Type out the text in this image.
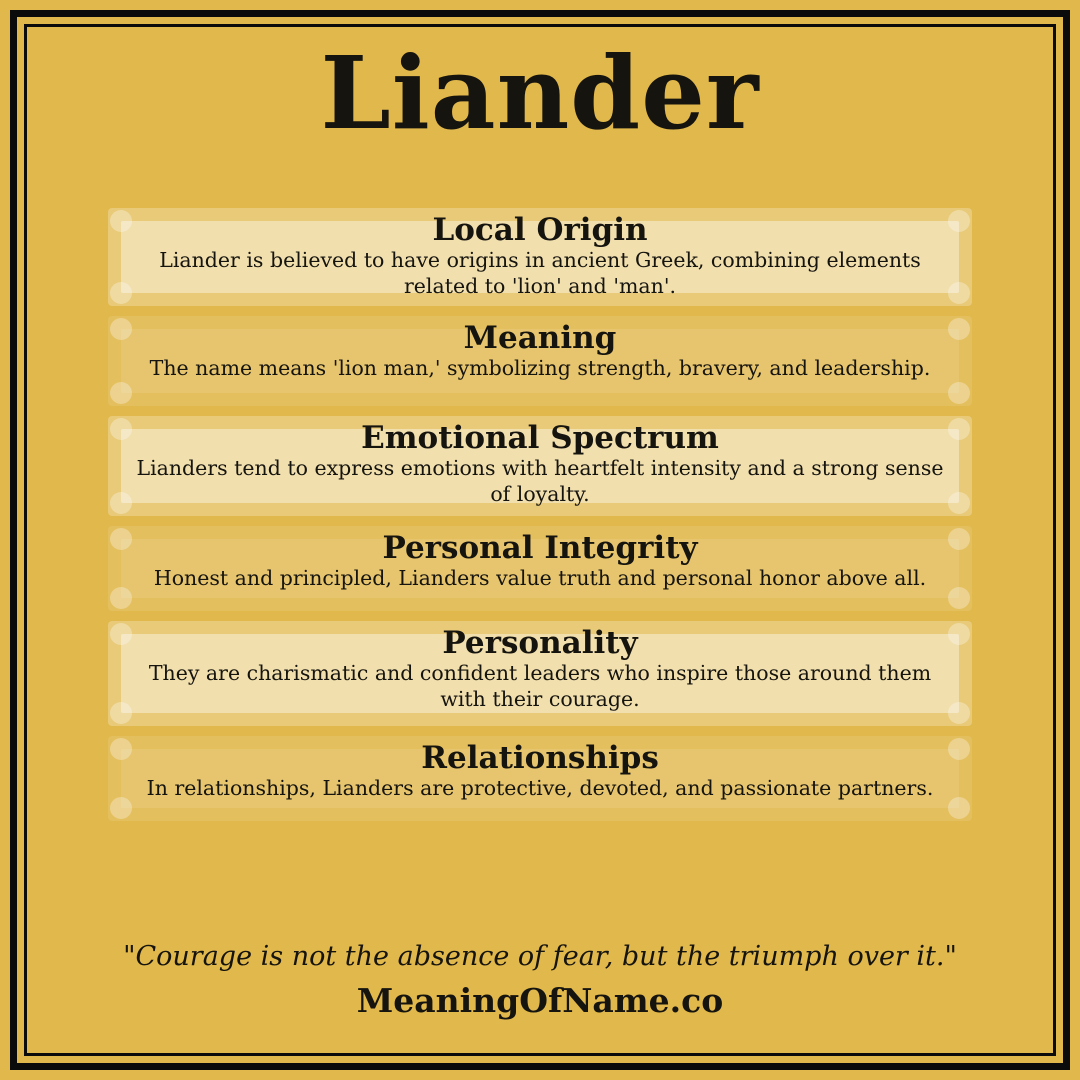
Liander
Local Origin

Liander is believed to have origins in ancient Greek, combining elements related to 'lion' and 'man'.

Meaning

The name means 'lion man,' symbolizing strength, bravery, and leadership.

Emotional Spectrum

Lianders tend to express emotions with heartfelt intensity and a strong sense of loyalty.

Personal Integrity

Honest and principled, Lianders value truth and personal honor above all.

Personality

They are charismatic and confident leaders who inspire those around them with their courage.

Relationships

In relationships, Lianders are protective, devoted, and passionate partners.

"Courage is not the absence of fear, but the triumph over it."
MeaningOfName.co
